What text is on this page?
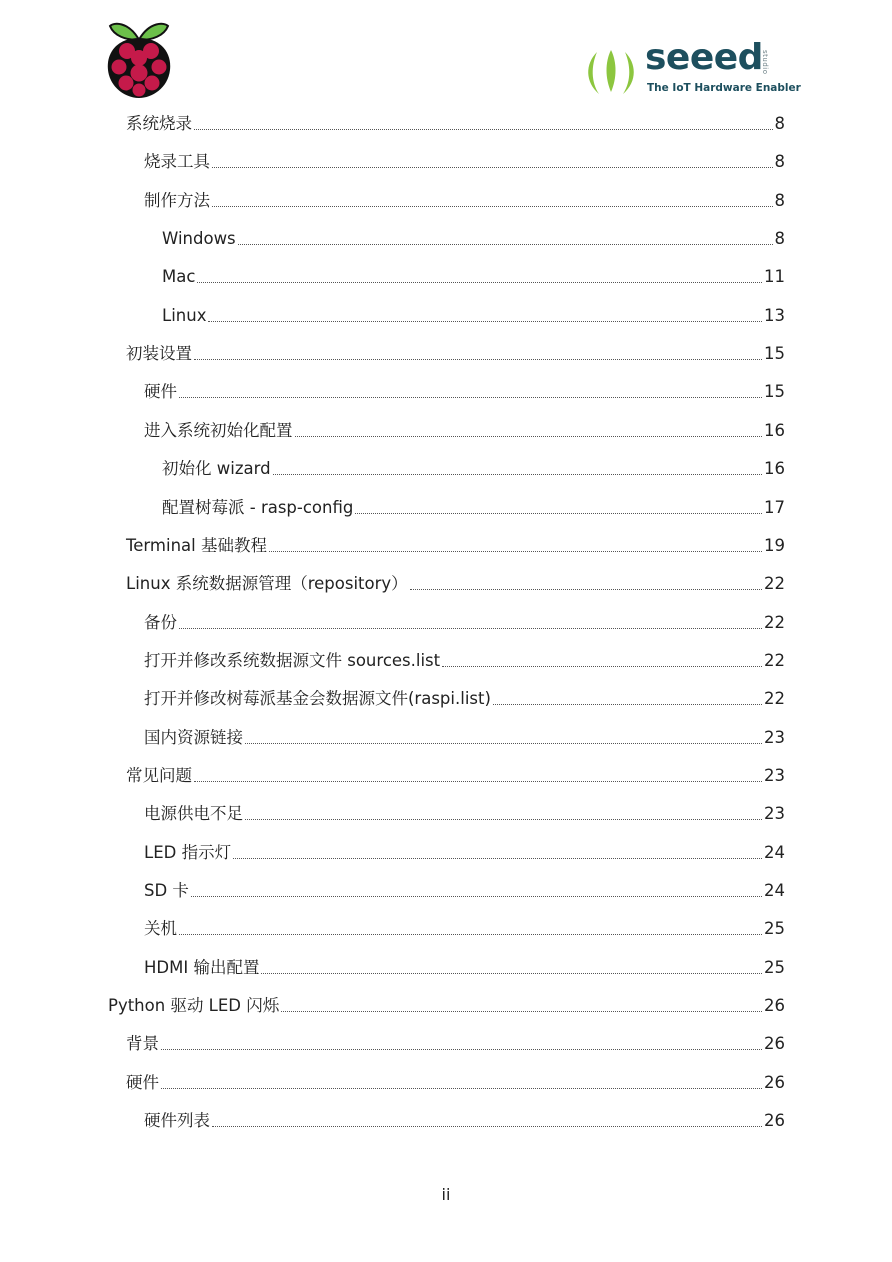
seeed
studio
The IoT Hardware Enabler
系统烧录	8
烧录工具	8
制作方法	8
Windows	8
Mac	11
Linux	13
初装设置	15
硬件	15
进入系统初始化配置	16
初始化 wizard	16
配置树莓派 - rasp-config	17
Terminal 基础教程	19
Linux 系统数据源管理（repository）	22
备份	22
打开并修改系统数据源文件 sources.list	22
打开并修改树莓派基金会数据源文件(raspi.list)	22
国内资源链接	23
常见问题	23
电源供电不足	23
LED 指示灯	24
SD 卡	24
关机	25
HDMI 输出配置	25
Python 驱动 LED 闪烁	26
背景	26
硬件	26
硬件列表	26
ii
